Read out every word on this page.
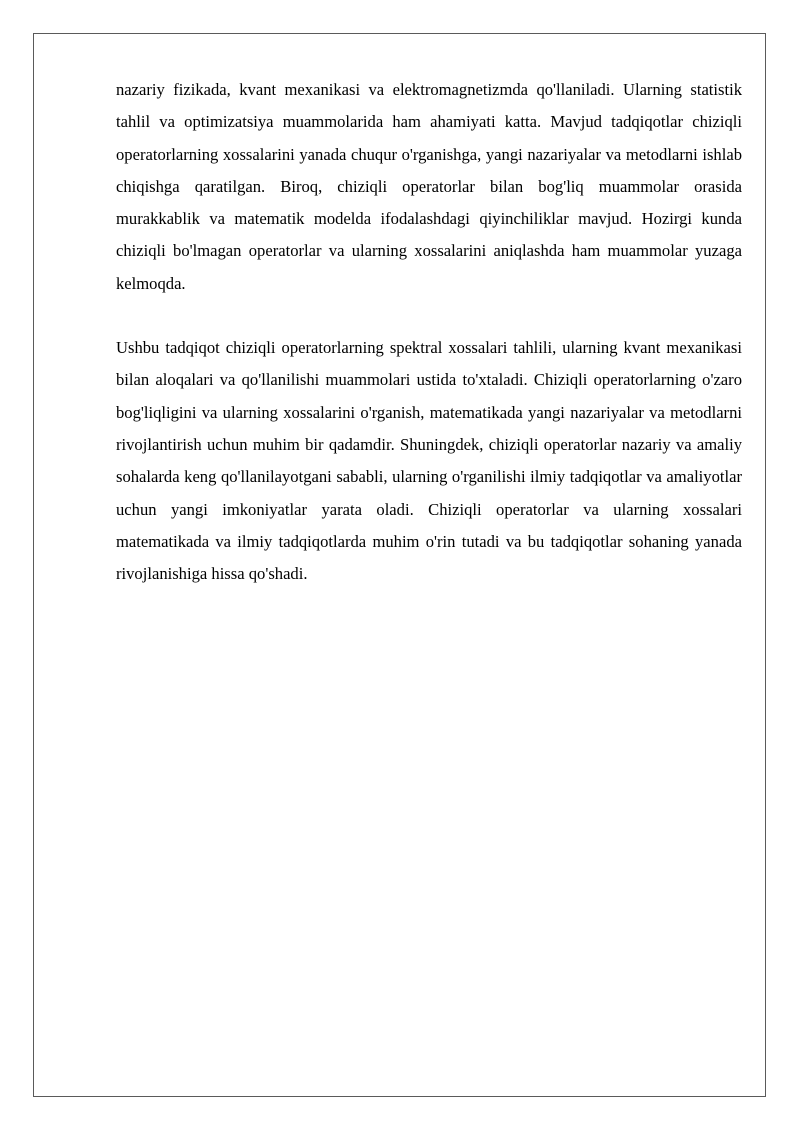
nazariy fizikada, kvant mexanikasi va elektromagnetizmda qo'llaniladi. Ularning statistik tahlil va optimizatsiya muammolarida ham ahamiyati katta. Mavjud tadqiqotlar chiziqli operatorlarning xossalarini yanada chuqur o'rganishga, yangi nazariyalar va metodlarni ishlab chiqishga qaratilgan. Biroq, chiziqli operatorlar bilan bog'liq muammolar orasida murakkablik va matematik modelda ifodalashdagi qiyinchiliklar mavjud. Hozirgi kunda chiziqli bo'lmagan operatorlar va ularning xossalarini aniqlashda ham muammolar yuzaga kelmoqda.

Ushbu tadqiqot chiziqli operatorlarning spektral xossalari tahlili, ularning kvant mexanikasi bilan aloqalari va qo'llanilishi muammolari ustida to'xtaladi. Chiziqli operatorlarning o'zaro bog'liqligini va ularning xossalarini o'rganish, matematikada yangi nazariyalar va metodlarni rivojlantirish uchun muhim bir qadamdir. Shuningdek, chiziqli operatorlar nazariy va amaliy sohalarda keng qo'llanilayotgani sababli, ularning o'rganilishi ilmiy tadqiqotlar va amaliyotlar uchun yangi imkoniyatlar yarata oladi. Chiziqli operatorlar va ularning xossalari matematikada va ilmiy tadqiqotlarda muhim o'rin tutadi va bu tadqiqotlar sohaning yanada rivojlanishiga hissa qo'shadi.
